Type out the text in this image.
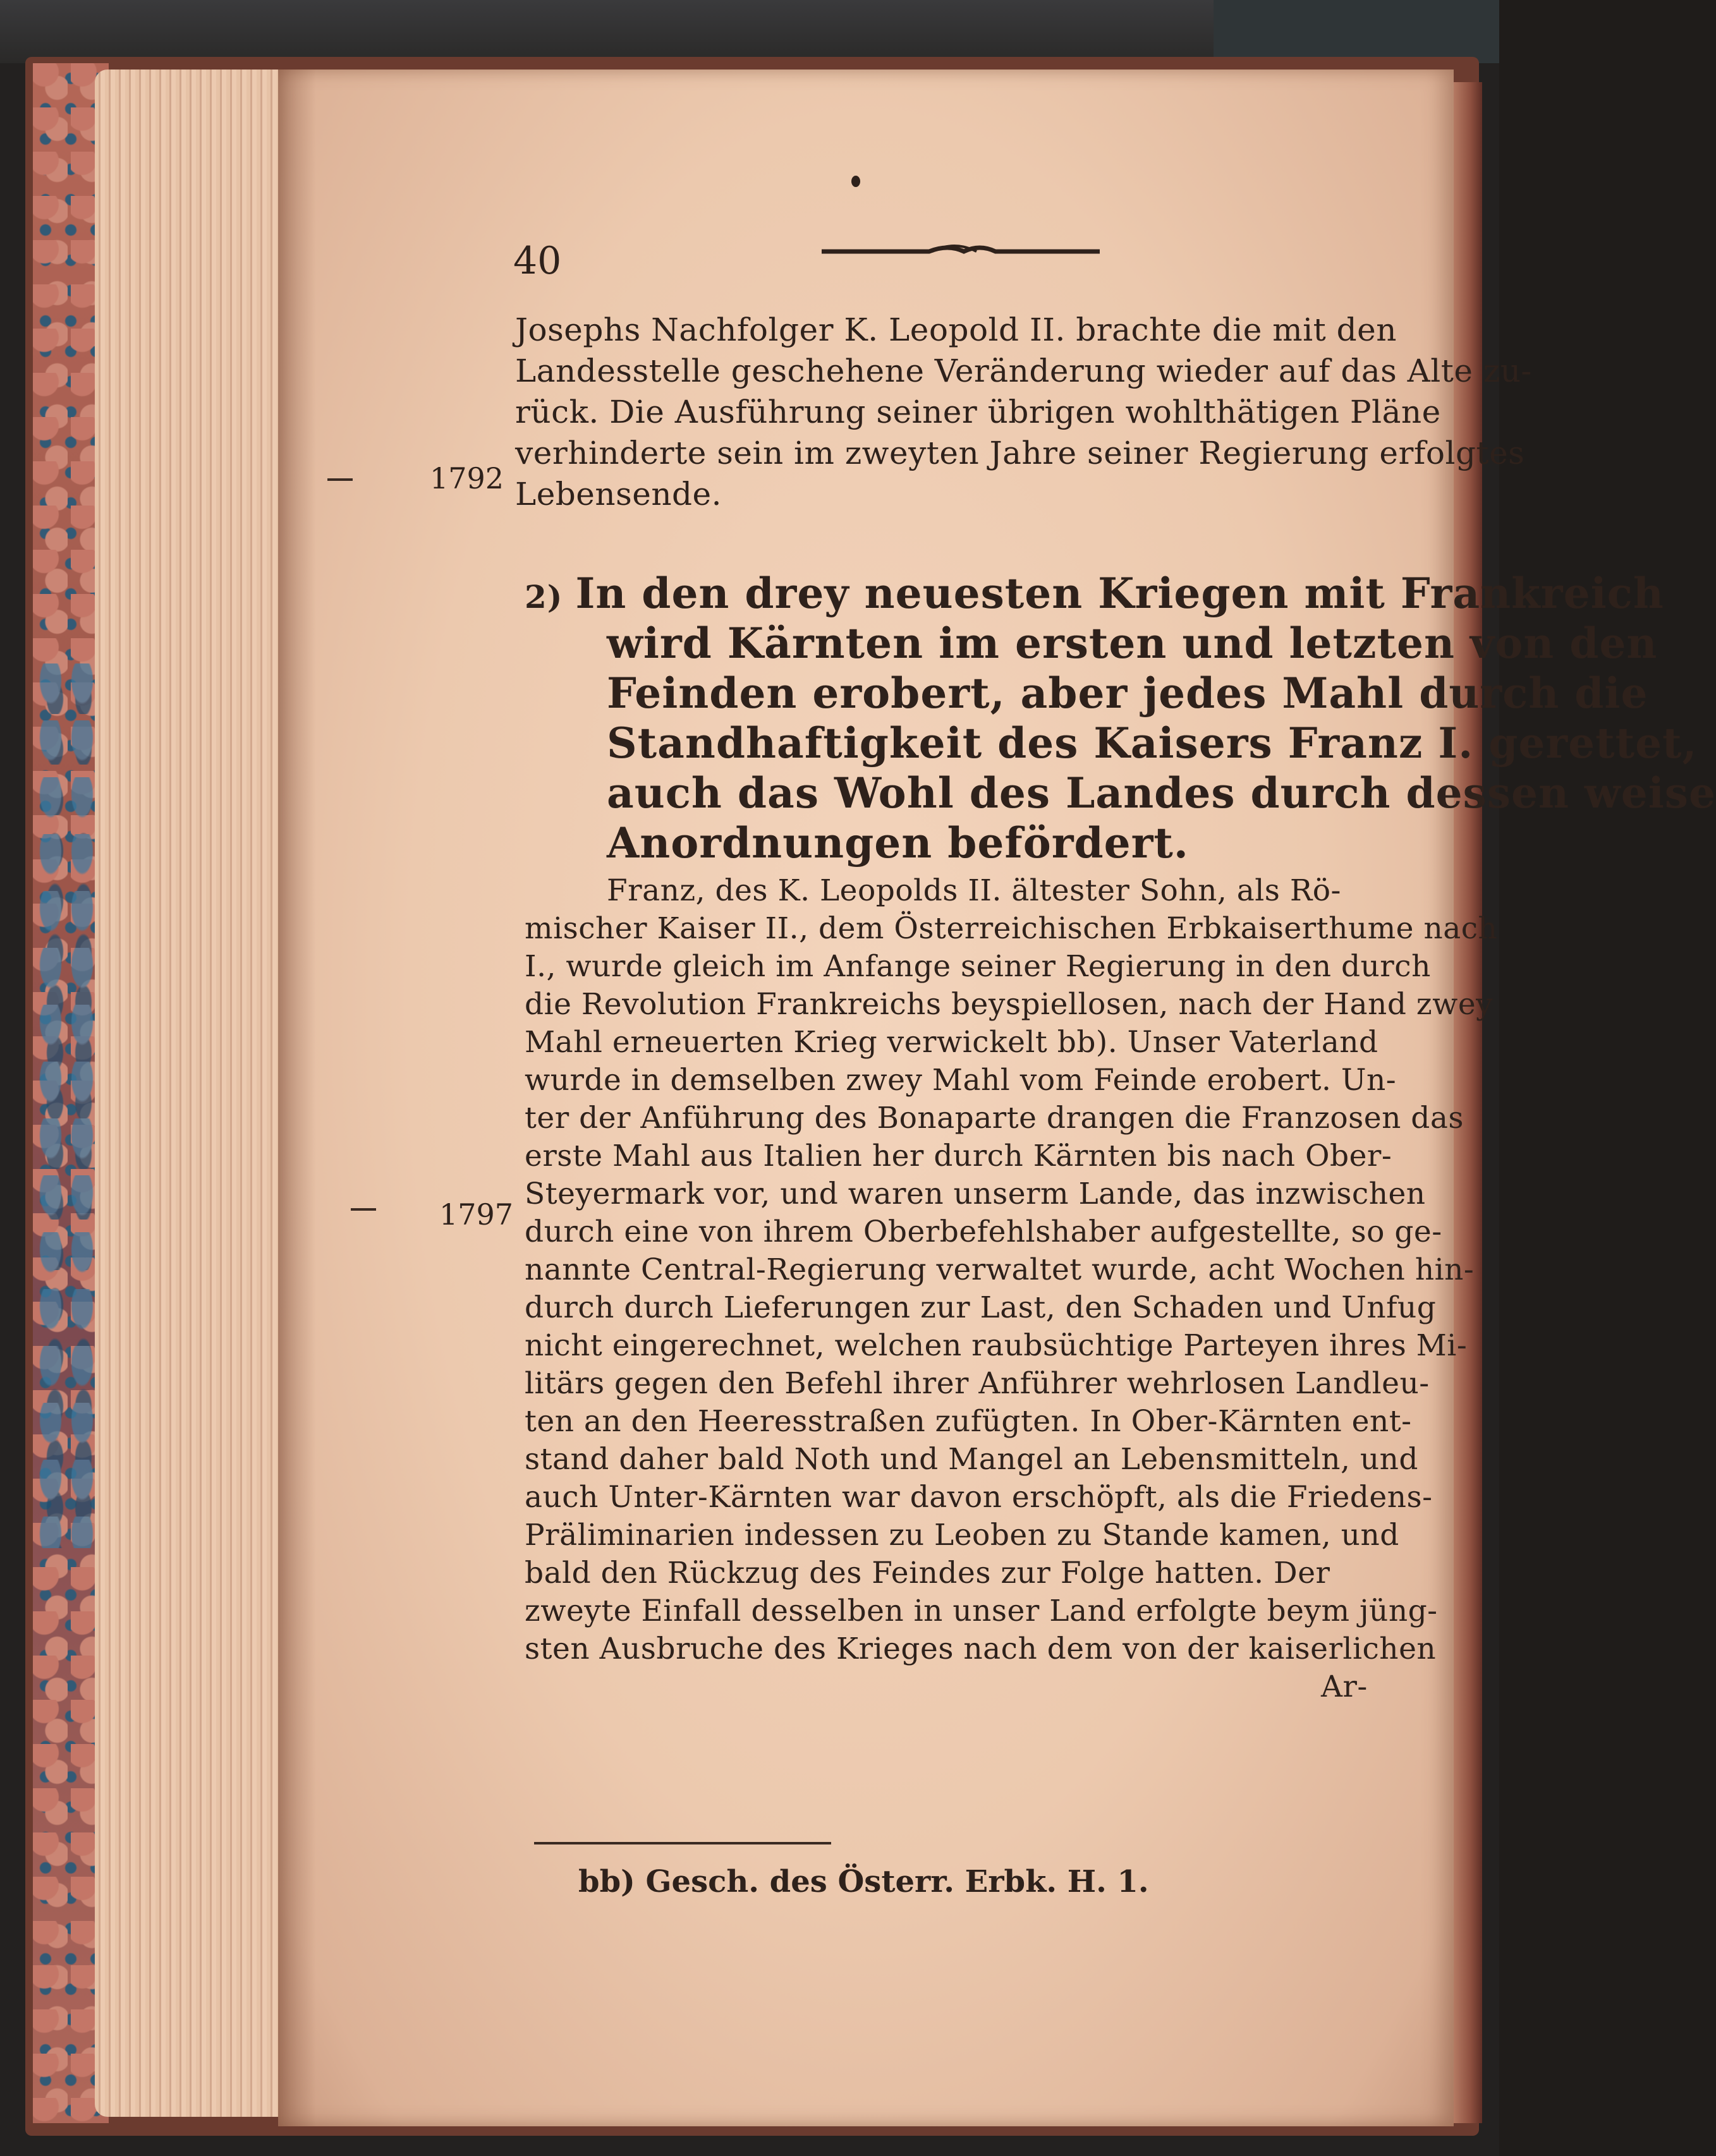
40
Josephs Nachfolger K. Leopold II. brachte die mit den
Landesstelle geschehene Veränderung wieder auf das Alte zu-
rück. Die Ausführung seiner übrigen wohlthätigen Pläne
verhinderte sein im zweyten Jahre seiner Regierung erfolgtes
Lebensende.
1792
2) In den drey neuesten Kriegen mit Frankreich
wird Kärnten im ersten und letzten von den
Feinden erobert, aber jedes Mahl durch die
Standhaftigkeit des Kaisers Franz I. gerettet,
auch das Wohl des Landes durch dessen weise
Anordnungen befördert.
Franz, des K. Leopolds II. ältester Sohn, als Rö-
mischer Kaiser II., dem Österreichischen Erbkaiserthume nach
I., wurde gleich im Anfange seiner Regierung in den durch
die Revolution Frankreichs beyspiellosen, nach der Hand zwey
Mahl erneuerten Krieg verwickelt bb). Unser Vaterland
wurde in demselben zwey Mahl vom Feinde erobert. Un-
ter der Anführung des Bonaparte drangen die Franzosen das
erste Mahl aus Italien her durch Kärnten bis nach Ober-
Steyermark vor, und waren unserm Lande, das inzwischen
durch eine von ihrem Oberbefehlshaber aufgestellte, so ge-
nannte Central-Regierung verwaltet wurde, acht Wochen hin-
durch durch Lieferungen zur Last, den Schaden und Unfug
nicht eingerechnet, welchen raubsüchtige Parteyen ihres Mi-
litärs gegen den Befehl ihrer Anführer wehrlosen Landleu-
ten an den Heeresstraßen zufügten. In Ober-Kärnten ent-
stand daher bald Noth und Mangel an Lebensmitteln, und
auch Unter-Kärnten war davon erschöpft, als die Friedens-
Präliminarien indessen zu Leoben zu Stande kamen, und
bald den Rückzug des Feindes zur Folge hatten. Der
zweyte Einfall desselben in unser Land erfolgte beym jüng-
sten Ausbruche des Krieges nach dem von der kaiserlichen
Ar-
1797
bb) Gesch. des Österr. Erbk. H. 1.
